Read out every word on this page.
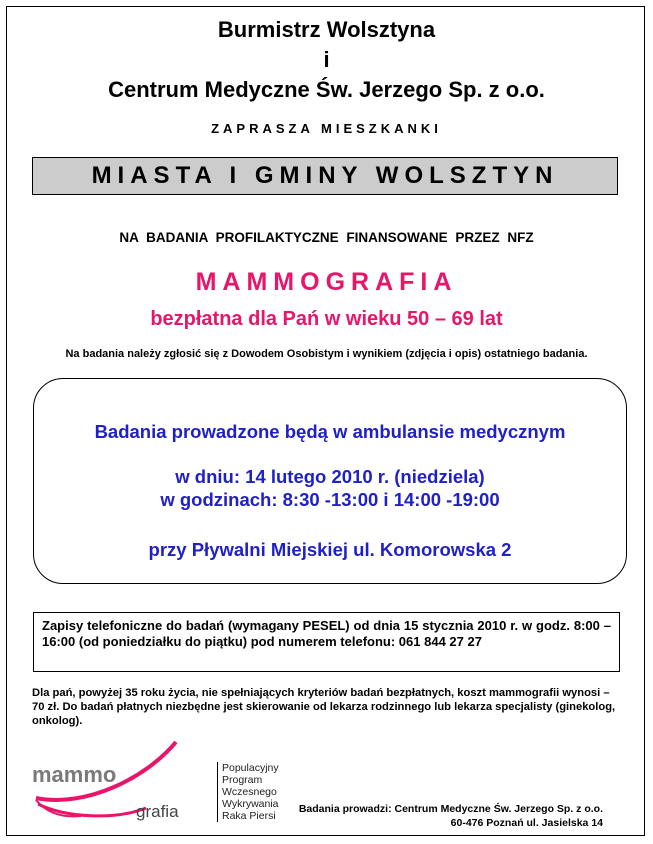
Burmistrz Wolsztyna
i
Centrum Medyczne Św. Jerzego Sp. z o.o.
ZAPRASZA MIESZKANKI
MIASTA I GMINY WOLSZTYN
NA BADANIA PROFILAKTYCZNE FINANSOWANE PRZEZ NFZ
MAMMOGRAFIA
bezpłatna dla Pań w wieku 50 – 69 lat
Na badania należy zgłosić się z Dowodem Osobistym i wynikiem (zdjęcia i opis) ostatniego badania.
Badania prowadzone będą w ambulansie medycznym
w dniu: 14 lutego 2010 r. (niedziela)
w godzinach: 8:30 -13:00 i 14:00 -19:00
przy Pływalni Miejskiej ul. Komorowska 2
Zapisy telefoniczne do badań (wymagany PESEL) od dnia 15 stycznia 2010 r. w godz. 8:00 – 16:00 (od poniedziałku do piątku) pod numerem telefonu: 061 844 27 27
Dla pań, powyżej 35 roku życia, nie spełniających kryteriów badań bezpłatnych, koszt mammografii wynosi – 70 zł. Do badań płatnych niezbędne jest skierowanie od lekarza rodzinnego lub lekarza specjalisty (ginekolog, onkolog).
mammo
grafia
Populacyjny
Program
Wczesnego
Wykrywania
Raka Piersi
Badania prowadzi: Centrum Medyczne Św. Jerzego Sp. z o.o.
60-476 Poznań ul. Jasielska 14
